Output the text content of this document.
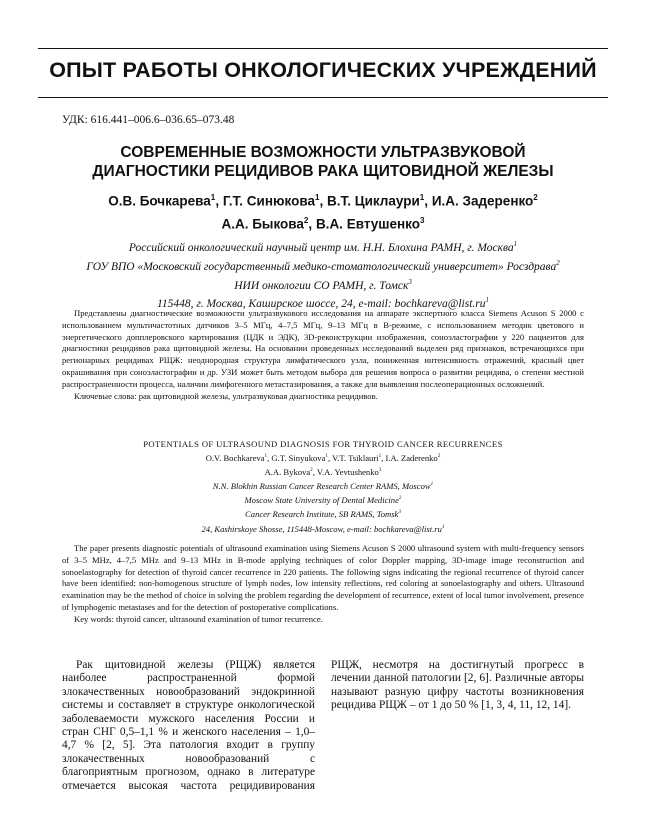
ОПЫТ РАБОТЫ ОНКОЛОГИЧЕСКИХ УЧРЕЖДЕНИЙ
УДК: 616.441–006.6–036.65–073.48
СОВРЕМЕННЫЕ ВОЗМОЖНОСТИ УЛЬТРАЗВУКОВОЙ
ДИАГНОСТИКИ РЕЦИДИВОВ РАКА ЩИТОВИДНОЙ ЖЕЛЕЗЫ
О.В. Бочкарева$^1$, Г.Т. Синюкова$^1$, В.Т. Циклаури$^1$, И.А. Задеренко$^2$
А.А. Быкова$^2$, В.А. Евтушенко$^3$
Российский онкологический научный центр им. Н.Н. Блохина РАМН, г. Москва$^1$
ГОУ ВПО «Московский государственный медико-стоматологический университет» Росздрава$^2$
НИИ онкологии СО РАМН, г. Томск$^3$
115448, г. Москва, Каширское шоссе, 24, e-mail: $bochkareva@list.ru^1$

Представлены диагностические возможности ультразвукового исследования на аппарате экспертного класса Siemens Acuson S 2000 с использованием мультичастотных датчиков 3–5 МГц, 4–7,5 МГц, 9–13 МГц в В-режиме, с использованием методик цветового и энергетического допплеровского картирования (ЦДК и ЭДК), 3D-реконструкции изображения, соноэластографии у 220 пациентов для диагностики рецидивов рака щитовидной железы. На основании проведенных исследований выделен ряд признаков, встречающихся при регионарных рецидивах РЩЖ: неоднородная структура лимфатического узла, пониженная интенсивность отражений, красный цвет окрашивания при соноэластографии и др. УЗИ может быть методом выбора для решения вопроса о развитии рецидива, о степени местной распространенности процесса, наличии лимфогенного метастазирования, а также для выявления послеоперационных осложнений.

Ключевые слова: рак щитовидной железы, ультразвуковая диагностика рецидивов.

POTENTIALS OF ULTRASOUND DIAGNOSIS FOR THYROID CANCER RECURRENCES
O.V. Bochkareva$^1$, G.T. Sinyukova$^1$, V.T. Tsiklauri$^1$, I.A. Zaderenko$^2$
A.A. Bykova$^2$, V.A. Yevtushenko$^3$
N.N. Blokhin Russian Cancer Research Center RAMS, Moscow$^1$
Moscow State University of Dental Medicine$^2$
Cancer Research Institute, SB RAMS, Tomsk$^3$
24, Kashirskoye Shosse, 115448-Moscow, e-mail: $bochkareva@list.ru^1$

The paper presents diagnostic potentials of ultrasound examination using Siemens Acuson S 2000 ultrasound system with multi-frequency sensors of 3–5 MHz, 4–7,5 MHz and 9–13 MHz in B-mode applying techniques of color Doppler mapping, 3D-image image reconstruction and sonoelastography for detection of thyroid cancer recurrence in 220 patients. The following signs indicating the regional recurrence of thyroid cancer have been identified: non-homogenous structure of lymph nodes, low intensity reflections, red coloring at sonoelastography and others. Ultrasound examination may be the method of choice in solving the problem regarding the development of recurrence, extent of local tumor involvement, presence of lymphogenic metastases and for the detection of postoperative complications.

Key words: thyroid cancer, ultrasound examination of tumor recurrence.

Рак щитовидной железы (РЩЖ) является наиболее распространенной формой злокачественных новообразований эндокринной системы и составляет в структуре онкологической заболеваемости мужского населения России и стран СНГ 0,5–1,1 % и женского населения – 1,0–4,7 % [2, 5]. Эта патология входит в группу злокачественных новообразований с благоприятным прогнозом, однако в литературе отмечается высокая частота рецидивирования РЩЖ, несмотря на достигнутый прогресс в лечении данной патологии [2, 6]. Различные авторы называют разную цифру частоты возникновения рецидива РЩЖ – от 1 до 50 % [1, 3, 4, 11, 12, 14].
